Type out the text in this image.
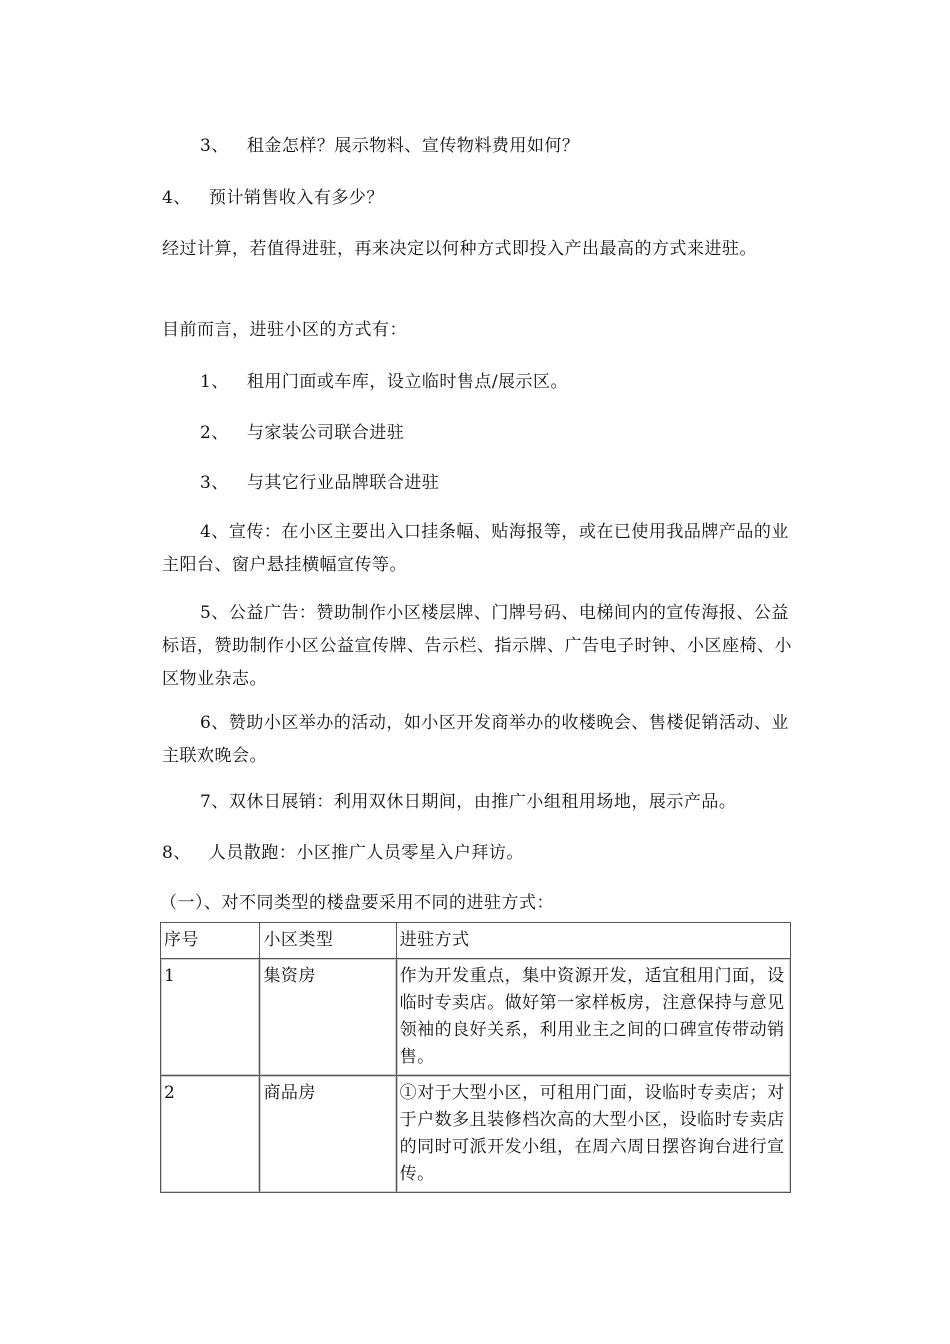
3、 租金怎样？展示物料、宣传物料费用如何？

4、 预计销售收入有多少？

经过计算，若值得进驻，再来决定以何种方式即投入产出最高的方式来进驻。

目前而言，进驻小区的方式有：

1、 租用门面或车库，设立临时售点/展示区。

2、 与家装公司联合进驻

3、 与其它行业品牌联合进驻

4、宣传：在小区主要出入口挂条幅、贴海报等，或在已使用我品牌产品的业主阳台、窗户悬挂横幅宣传等。

5、公益广告：赞助制作小区楼层牌、门牌号码、电梯间内的宣传海报、公益标语，赞助制作小区公益宣传牌、告示栏、指示牌、广告电子时钟、小区座椅、小区物业杂志。

6、赞助小区举办的活动，如小区开发商举办的收楼晚会、售楼促销活动、业主联欢晚会。

7、双休日展销：利用双休日期间，由推广小组租用场地，展示产品。

8、 人员散跑：小区推广人员零星入户拜访。

（一）、对不同类型的楼盘要采用不同的进驻方式：

序号	小区类型	进驻方式
1	集资房	作为开发重点，集中资源开发，适宜租用门面，设临时专卖店。做好第一家样板房，注意保持与意见领袖的良好关系，利用业主之间的口碑宣传带动销售。
2	商品房	①对于大型小区，可租用门面，设临时专卖店；对于户数多且装修档次高的大型小区，设临时专卖店的同时可派开发小组，在周六周日摆咨询台进行宣传。
